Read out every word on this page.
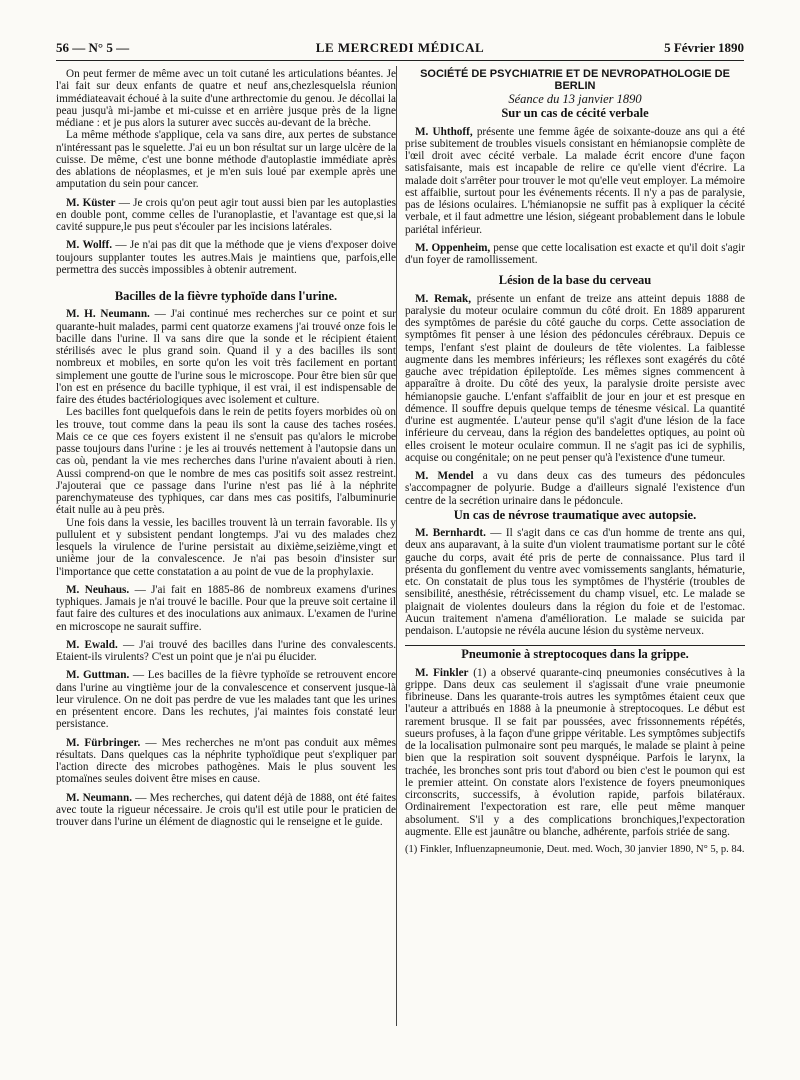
56 — N° 5 —	LE MERCREDI MÉDICAL	5 Février 1890

On peut fermer de même avec un toit cutané les articulations béantes. Je l'ai fait sur deux enfants de quatre et neuf ans,chezlesquelsla réunion immédiateavait échoué à la suite d'une arthrectomie du genou. Je décollai la peau jusqu'à mi-jambe et mi-cuisse et en arrière jusque près de la ligne médiane : et je pus alors la suturer avec succès au-devant de la brèche.

La même méthode s'applique, cela va sans dire, aux pertes de substance n'intéressant pas le squelette. J'ai eu un bon résultat sur un large ulcère de la cuisse. De même, c'est une bonne méthode d'autoplastie immédiate après des ablations de néoplasmes, et je m'en suis loué par exemple après une amputation du sein pour cancer.

M. Küster — Je crois qu'on peut agir tout aussi bien par les autoplasties en double pont, comme celles de l'uranoplastie, et l'avantage est que,si la cavité suppure,le pus peut s'écouler par les incisions latérales.

M. Wolff. — Je n'ai pas dit que la méthode que je viens d'exposer doive toujours supplanter toutes les autres.Mais je maintiens que, parfois,elle permettra des succès impossibles à obtenir autrement.

Bacilles de la fièvre typhoïde dans l'urine.

M. H. Neumann. — J'ai continué mes recherches sur ce point et sur quarante-huit malades, parmi cent quatorze examens j'ai trouvé onze fois le bacille dans l'urine. Il va sans dire que la sonde et le récipient étaient stérilisés avec le plus grand soin. Quand il y a des bacilles ils sont nombreux et mobiles, en sorte qu'on les voit très facilement en portant simplement une goutte de l'urine sous le microscope. Pour être bien sûr que l'on est en présence du bacille typhique, il est vrai, il est indispensable de faire des études bactériologiques avec isolement et culture.

Les bacilles font quelquefois dans le rein de petits foyers morbides où on les trouve, tout comme dans la peau ils sont la cause des taches rosées. Mais ce ce que ces foyers existent il ne s'ensuit pas qu'alors le microbe passe toujours dans l'urine : je les ai trouvés nettement à l'autopsie dans un cas où, pendant la vie mes recherches dans l'urine n'avaient abouti à rien. Aussi comprend-on que le nombre de mes cas positifs soit assez restreint. J'ajouterai que ce passage dans l'urine n'est pas lié à la néphrite parenchymateuse des typhiques, car dans mes cas positifs, l'albuminurie était nulle au à peu près.

Une fois dans la vessie, les bacilles trouvent là un terrain favorable. Ils y pullulent et y subsistent pendant longtemps. J'ai vu des malades chez lesquels la virulence de l'urine persistait au dixième,seizième,vingt et unième jour de la convalescence. Je n'ai pas besoin d'insister sur l'importance que cette constatation a au point de vue de la prophylaxie.

M. Neuhaus. — J'ai fait en 1885-86 de nombreux examens d'urines typhiques. Jamais je n'ai trouvé le bacille. Pour que la preuve soit certaine il faut faire des cultures et des inoculations aux animaux. L'examen de l'urine en microscope ne saurait suffire.

M. Ewald. — J'ai trouvé des bacilles dans l'urine des convalescents. Etaient-ils virulents? C'est un point que je n'ai pu élucider.

M. Guttman. — Les bacilles de la fièvre typhoïde se retrouvent encore dans l'urine au vingtième jour de la convalescence et conservent jusque-là leur virulence. On ne doit pas perdre de vue les malades tant que les urines en présentent encore. Dans les rechutes, j'ai maintes fois constaté leur persistance.

M. Fürbringer. — Mes recherches ne m'ont pas conduit aux mêmes résultats. Dans quelques cas la néphrite typhoïdique peut s'expliquer par l'action directe des microbes pathogènes. Mais le plus souvent les ptomaïnes seules doivent être mises en cause.

M. Neumann. — Mes recherches, qui datent déjà de 1888, ont été faites avec toute la rigueur nécessaire. Je crois qu'il est utile pour le praticien de trouver dans l'urine un élément de diagnostic qui le renseigne et le guide.

SOCIÉTÉ DE PSYCHIATRIE ET DE NEVROPATHOLOGIE DE BERLIN
Séance du 13 janvier 1890
Sur un cas de cécité verbale

M. Uhthoff, présente une femme âgée de soixante-douze ans qui a été prise subitement de troubles visuels consistant en hémianopsie complète de l'œil droit avec cécité verbale. La malade écrit encore d'une façon satisfaisante, mais est incapable de relire ce qu'elle vient d'écrire. La malade doit s'arrêter pour trouver le mot qu'elle veut employer. La mémoire est affaiblie, surtout pour les événements récents. Il n'y a pas de paralysie, pas de lésions oculaires. L'hémianopsie ne suffit pas à expliquer la cécité verbale, et il faut admettre une lésion, siégeant probablement dans le lobule pariétal inférieur.

M. Oppenheim, pense que cette localisation est exacte et qu'il doit s'agir d'un foyer de ramollissement.

Lésion de la base du cerveau

M. Remak, présente un enfant de treize ans atteint depuis 1888 de paralysie du moteur oculaire commun du côté droit. En 1889 apparurent des symptômes de parésie du côté gauche du corps. Cette association de symptômes fit penser à une lésion des pédoncules cérébraux. Depuis ce temps, l'enfant s'est plaint de douleurs de tête violentes. La faiblesse augmente dans les membres inférieurs; les réflexes sont exagérés du côté gauche avec trépidation épileptoïde. Les mêmes signes commencent à apparaître à droite. Du côté des yeux, la paralysie droite persiste avec hémianopsie gauche. L'enfant s'affaiblit de jour en jour et est presque en démence. Il souffre depuis quelque temps de ténesme vésical. La quantité d'urine est augmentée. L'auteur pense qu'il s'agit d'une lésion de la face inférieure du cerveau, dans la région des bandelettes optiques, au point où elles croisent le moteur oculaire commun. Il ne s'agit pas ici de syphilis, acquise ou congénitale; on ne peut penser qu'à l'existence d'une tumeur.

M. Mendel a vu dans deux cas des tumeurs des pédoncules s'accompagner de polyurie. Budge a d'ailleurs signalé l'existence d'un centre de la secrétion urinaire dans le pédoncule.

Un cas de névrose traumatique avec autopsie.

M. Bernhardt. — Il s'agit dans ce cas d'un homme de trente ans qui, deux ans auparavant, à la suite d'un violent traumatisme portant sur le côté gauche du corps, avait été pris de perte de connaissance. Plus tard il présenta du gonflement du ventre avec vomissements sanglants, hématurie, etc. On constatait de plus tous les symptômes de l'hystérie (troubles de sensibilité, anesthésie, rétrécissement du champ visuel, etc. Le malade se plaignait de violentes douleurs dans la région du foie et de l'estomac. Aucun traitement n'amena d'amélioration. Le malade se suicida par pendaison. L'autopsie ne révéla aucune lésion du système nerveux.

Pneumonie à streptocoques dans la grippe.

M. Finkler (1) a observé quarante-cinq pneumonies consécutives à la grippe. Dans deux cas seulement il s'agissait d'une vraie pneumonie fibrineuse. Dans les quarante-trois autres les symptômes étaient ceux que l'auteur a attribués en 1888 à la pneumonie à streptocoques. Le début est rarement brusque. Il se fait par poussées, avec frissonnements répétés, sueurs profuses, à la façon d'une grippe véritable. Les symptômes subjectifs de la localisation pulmonaire sont peu marqués, le malade se plaint à peine bien que la respiration soit souvent dyspnéique. Parfois le larynx, la trachée, les bronches sont pris tout d'abord ou bien c'est le poumon qui est le premier atteint. On constate alors l'existence de foyers pneumoniques circonscrits, successifs, à évolution rapide, parfois bilatéraux. Ordinairement l'expectoration est rare, elle peut même manquer absolument. S'il y a des complications bronchiques,l'expectoration augmente. Elle est jaunâtre ou blanche, adhérente, parfois striée de sang.

(1) Finkler, Influenzapneumonie, Deut. med. Woch, 30 janvier 1890, N° 5, p. 84.
